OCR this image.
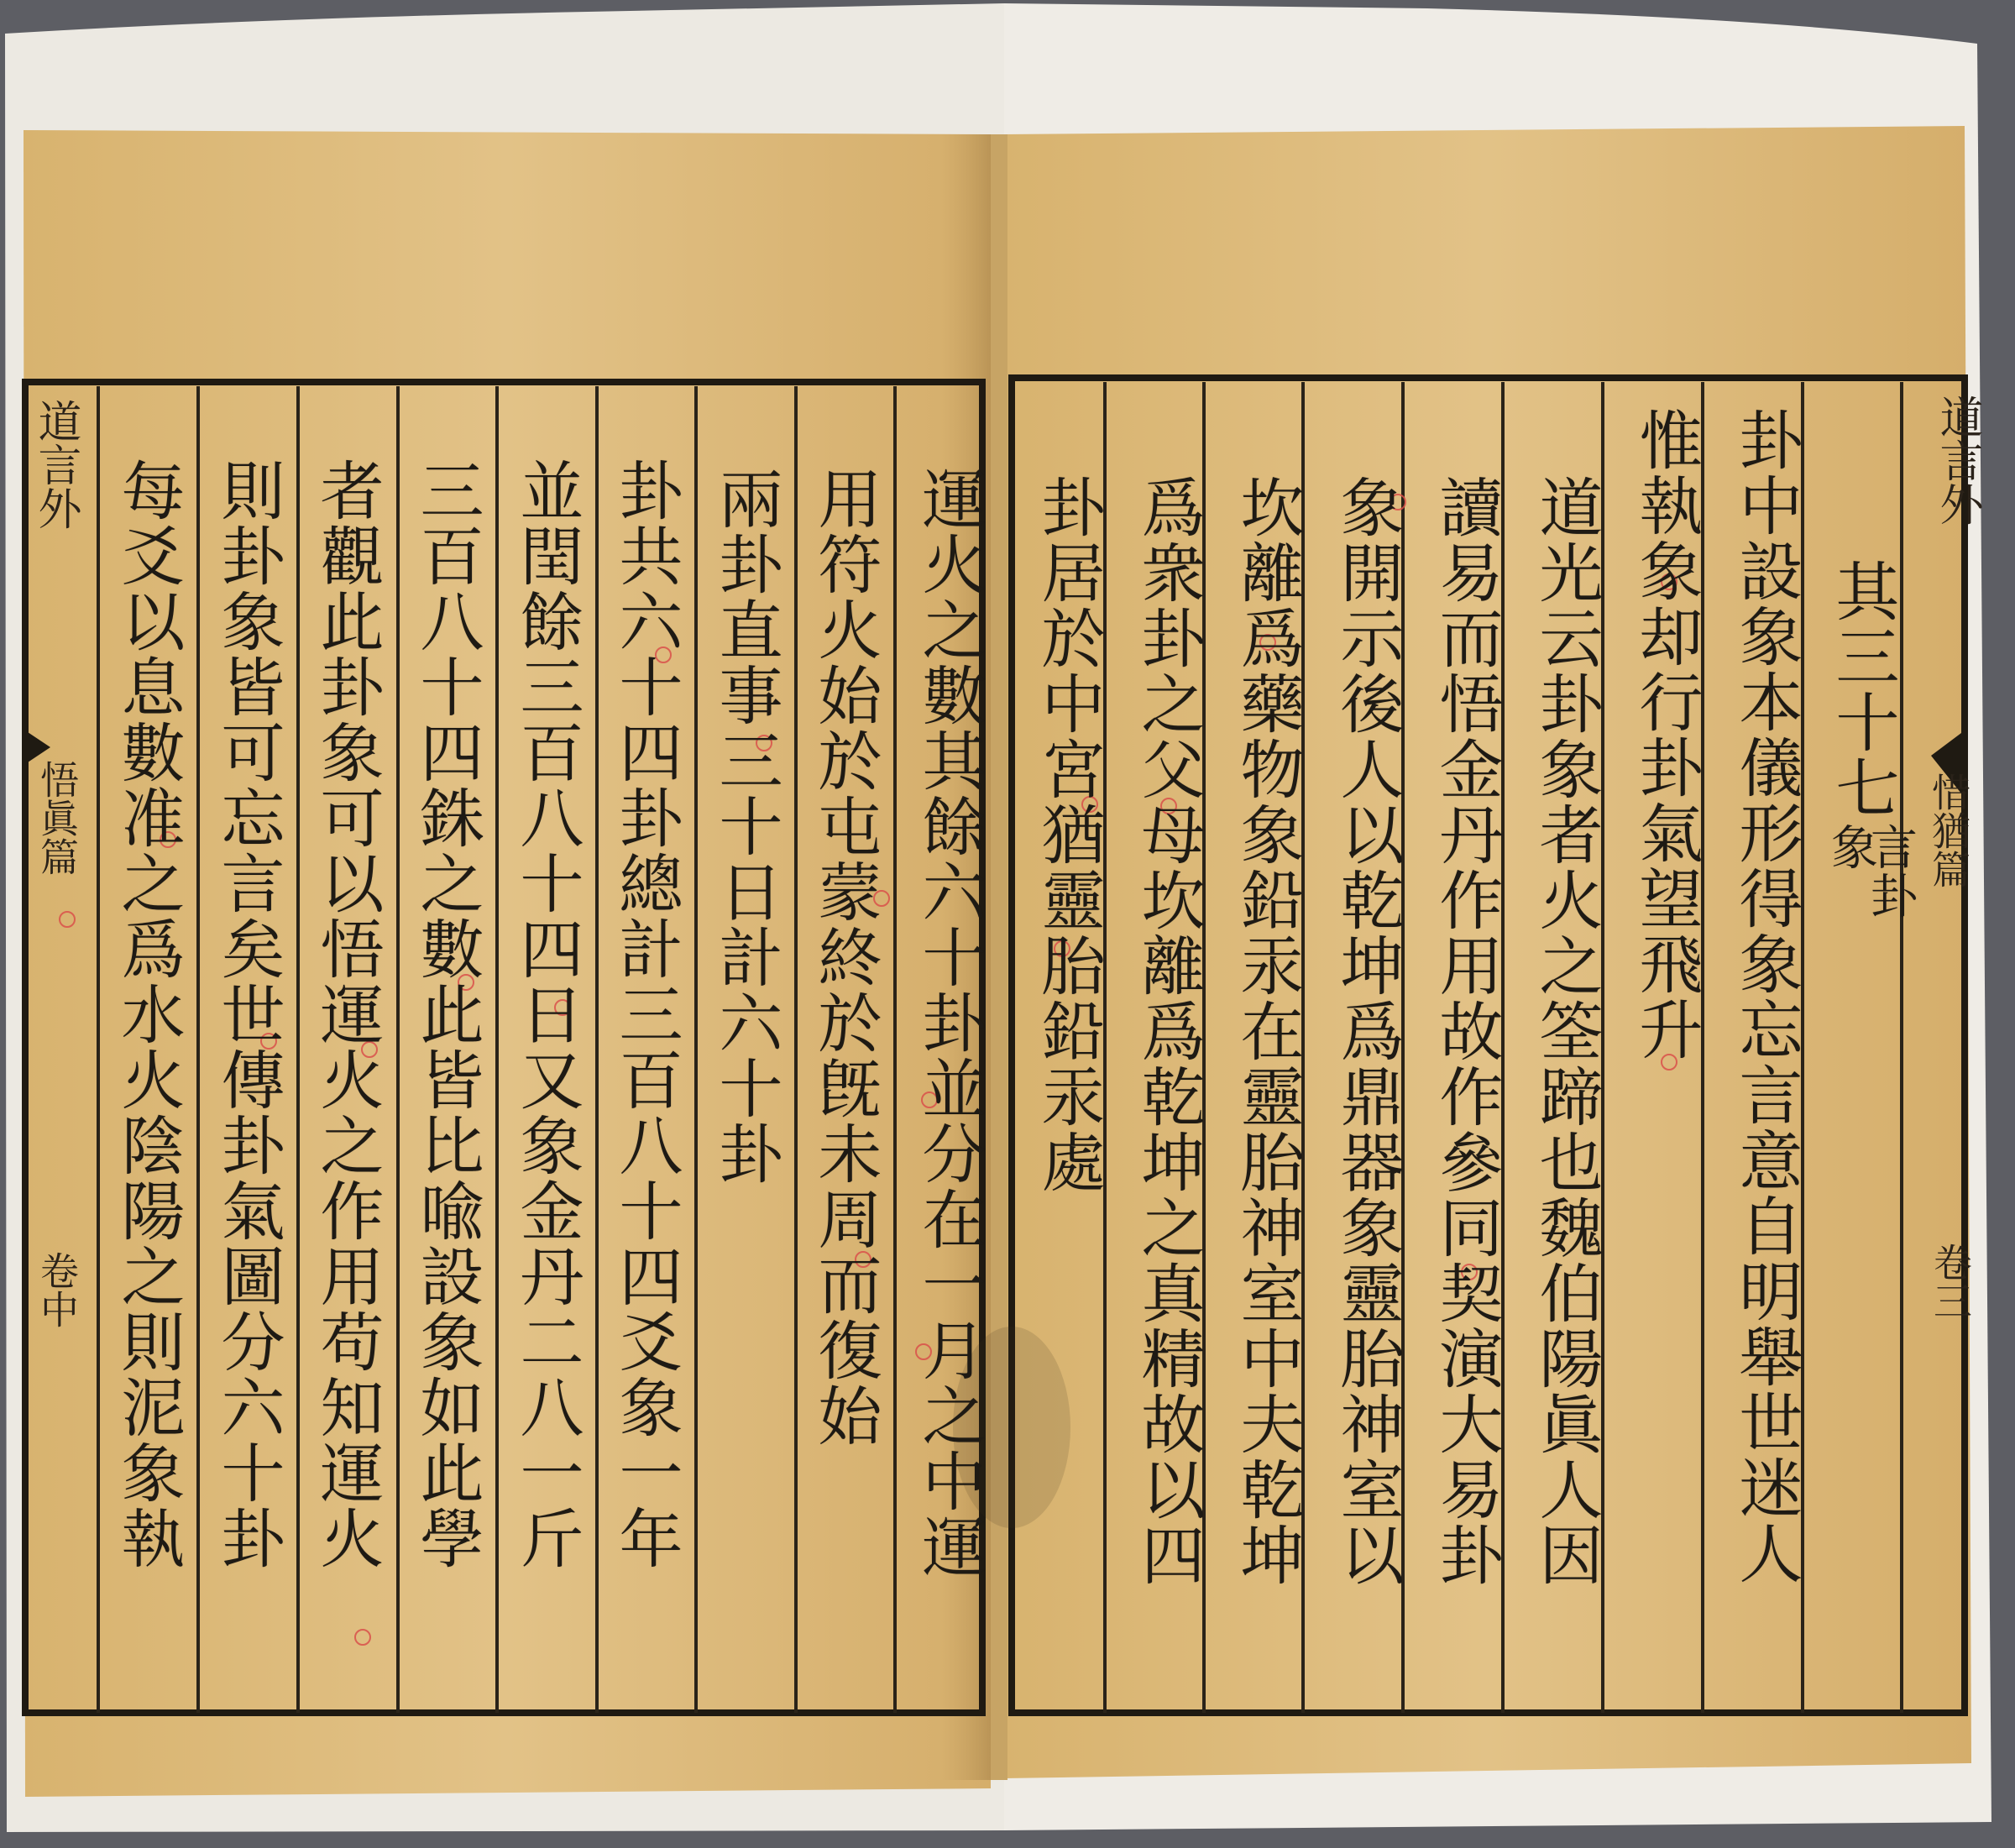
道言外
惜猶篇
卷三
其三十七
言卦
象
卦中設象本儀形得象忘言意自明舉世迷人
惟執象却行卦氣望飛升
道光云卦象者火之筌蹄也魏伯陽眞人因
讀易而悟金丹作用故作參同契演大易卦
象開示後人以乾坤爲鼎器象靈胎神室以
坎離爲藥物象鉛汞在靈胎神室中夫乾坤
爲衆卦之父母坎離爲乾坤之真精故以四
卦居於中宮猶靈胎鉛汞處
運火之數其餘六十卦並分在一月之中運
用符火始於屯蒙終於旣未周而復始
兩卦直事三十日計六十卦
卦共六十四卦總計三百八十四爻象一年
並閏餘三百八十四日又象金丹二八一斤
三百八十四銖之數此皆比喩設象如此學
者觀此卦象可以悟運火之作用苟知運火
則卦象皆可忘言矣世傳卦氣圖分六十卦
每爻以息數准之爲水火陰陽之則泥象執
道言外
悟眞篇
卷中
